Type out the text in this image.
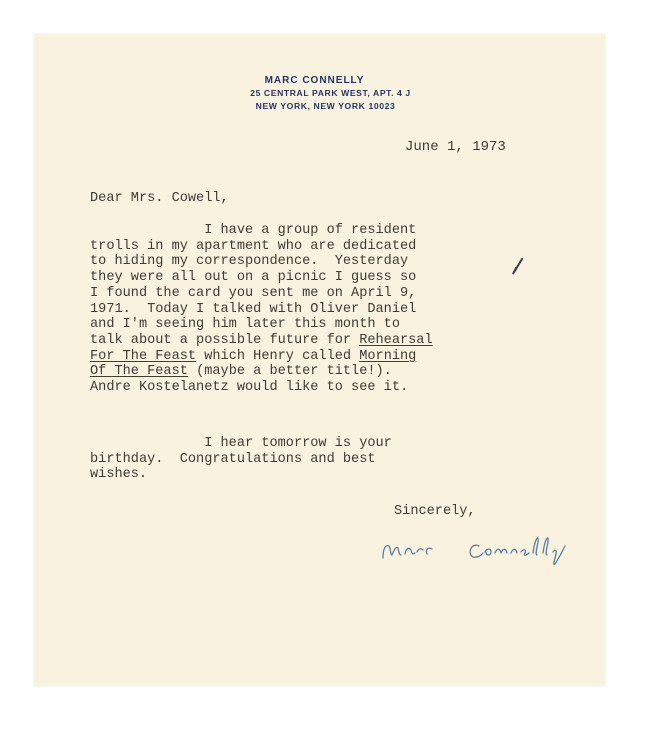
MARC CONNELLY
25 CENTRAL PARK WEST, APT. 4 J
NEW YORK, NEW YORK 10023
June 1, 1973
Dear Mrs. Cowell,
I have a group of resident
trolls in my apartment who are dedicated
to hiding my correspondence.  Yesterday
they were all out on a picnic I guess so
I found the card you sent me on April 9,
1971.  Today I talked with Oliver Daniel
and I'm seeing him later this month to
talk about a possible future for Rehearsal
For The Feast which Henry called Morning
Of The Feast (maybe a better title!).
Andre Kostelanetz would like to see it.
I hear tomorrow is your
birthday.  Congratulations and best
wishes.
Sincerely,
